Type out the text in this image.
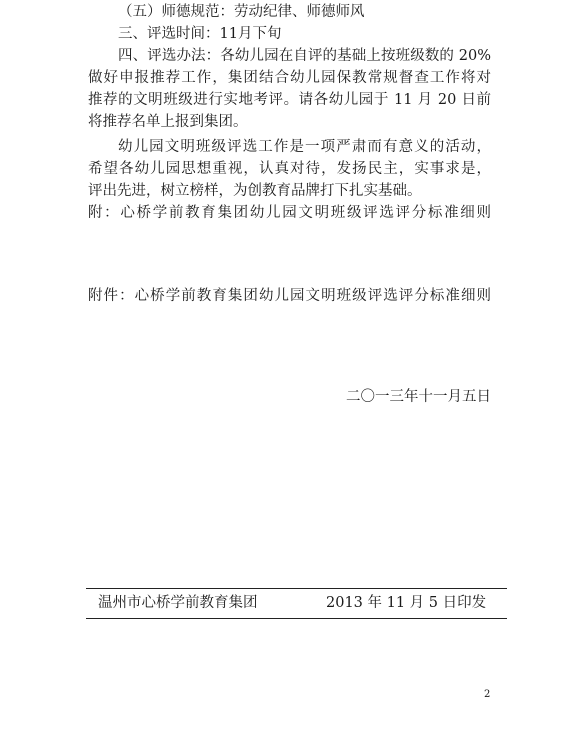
（五）师德规范：劳动纪律、师德师风
三、评选时间：11月下旬
四、评选办法：各幼儿园在自评的基础上按班级数的 20%
做好申报推荐工作，集团结合幼儿园保教常规督查工作将对
推荐的文明班级进行实地考评。请各幼儿园于 11 月 20 日前
将推荐名单上报到集团。
幼儿园文明班级评选工作是一项严肃而有意义的活动，
希望各幼儿园思想重视，认真对待，发扬民主，实事求是，
评出先进，树立榜样，为创教育品牌打下扎实基础。
附：心桥学前教育集团幼儿园文明班级评选评分标准细则
附件：心桥学前教育集团幼儿园文明班级评选评分标准细则
二〇一三年十一月五日
温州市心桥学前教育集团	2013 年 11 月 5 日印发
2
